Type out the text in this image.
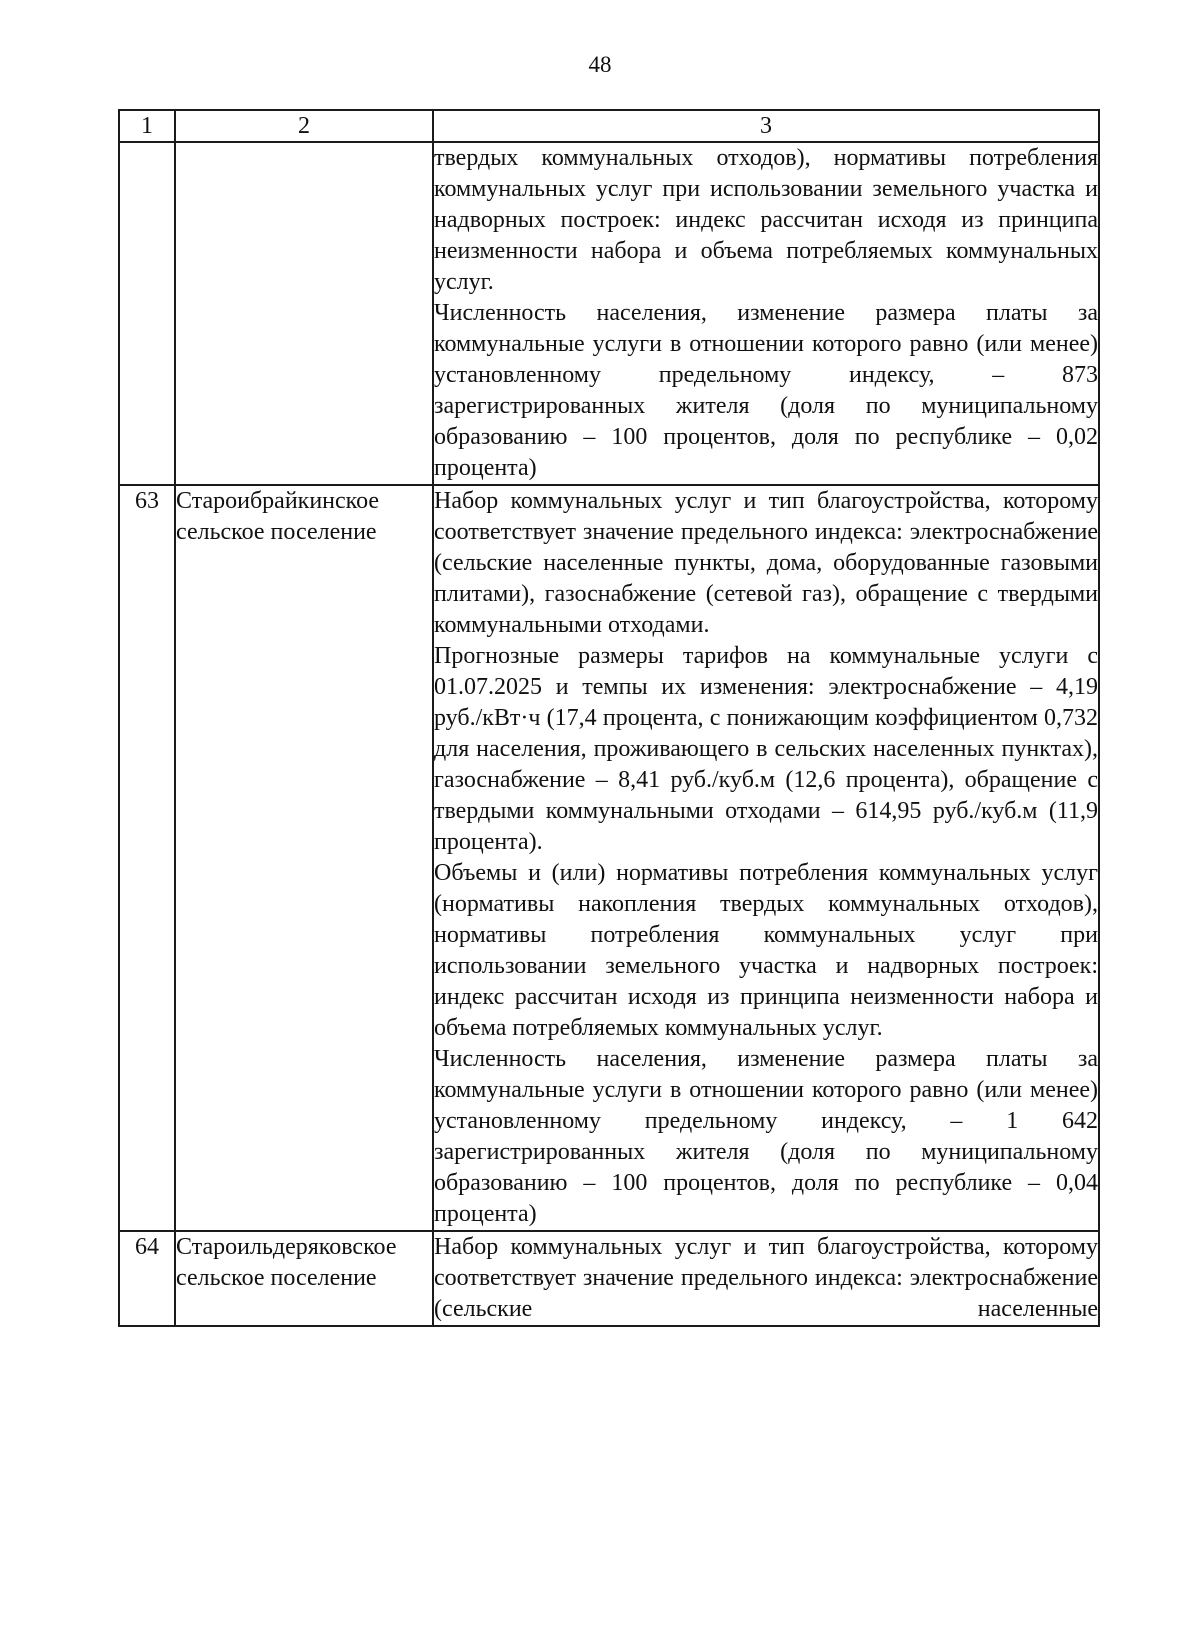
48
1	2	3

		твердых коммунальных отходов), нормативы потребления коммунальных услуг при использовании земельного участка и надворных построек: индекс рассчитан исходя из принципа неизменности набора и объема потребляемых коммунальных услуг.
Численность населения, изменение размера платы за коммунальные услуги в отношении которого равно (или менее) установленному предельному индексу, – 873 зарегистрированных жителя (доля по муниципальному образованию – 100 процентов, доля по республике – 0,02 процента)

63	Староибрайкинское сельское поселение	Набор коммунальных услуг и тип благоустройства, которому соответствует значение предельного индекса: электроснабжение (сельские населенные пункты, дома, оборудованные газовыми плитами), газоснабжение (сетевой газ), обращение с твердыми коммунальными отходами.
Прогнозные размеры тарифов на коммунальные услуги с 01.07.2025 и темпы их изменения: электроснабжение – 4,19 руб./кВт·ч (17,4 процента, с понижающим коэффициентом 0,732 для населения, проживающего в сельских населенных пунктах), газоснабжение – 8,41 руб./куб.м (12,6 процента), обращение с твердыми коммунальными отходами – 614,95 руб./куб.м (11,9 процента).
Объемы и (или) нормативы потребления коммунальных услуг (нормативы накопления твердых коммунальных отходов), нормативы потребления коммунальных услуг при использовании земельного участка и надворных построек: индекс рассчитан исходя из принципа неизменности набора и объема потребляемых коммунальных услуг.
Численность населения, изменение размера платы за коммунальные услуги в отношении которого равно (или менее) установленному предельному индексу, – 1 642 зарегистрированных жителя (доля по муниципальному образованию – 100 процентов, доля по республике – 0,04 процента)

64	Староильдеряковское сельское поселение	Набор коммунальных услуг и тип благоустройства, которому соответствует значение предельного индекса: электроснабжение (сельские населенные
